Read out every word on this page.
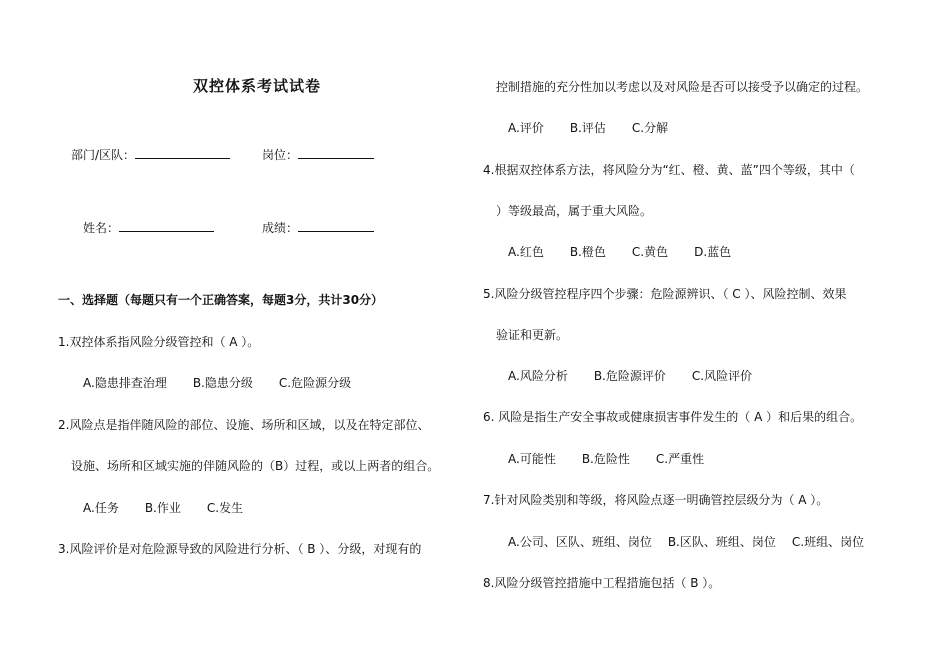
双控体系考试试卷
部门/区队：	岗位：
姓名：	成绩：
一、选择题（每题只有一个正确答案，每题3分，共计30分）
1.双控体系指风险分级管控和（ A ）。
A.隐患排查治理 B.隐患分级 C.危险源分级
2.风险点是指伴随风险的部位、设施、场所和区域，以及在特定部位、
设施、场所和区域实施的伴随风险的（B）过程，或以上两者的组合。
A.任务 B.作业 C.发生
3.风险评价是对危险源导致的风险进行分析、（ B ）、分级，对现有的
控制措施的充分性加以考虑以及对风险是否可以接受予以确定的过程。
A.评价 B.评估 C.分解
4.根据双控体系方法，将风险分为“红、橙、黄、蓝”四个等级，其中（
）等级最高，属于重大风险。
A.红色 B.橙色 C.黄色 D.蓝色
5.风险分级管控程序四个步骤：危险源辨识、（ C ）、风险控制、效果
验证和更新。
A.风险分析 B.危险源评价 C.风险评价
6. 风险是指生产安全事故或健康损害事件发生的（ A ）和后果的组合。
A.可能性 B.危险性 C.严重性
7.针对风险类别和等级，将风险点逐一明确管控层级分为（ A ）。
A.公司、区队、班组、岗位 B.区队、班组、岗位 C.班组、岗位
8.风险分级管控措施中工程措施包括（ B ）。
